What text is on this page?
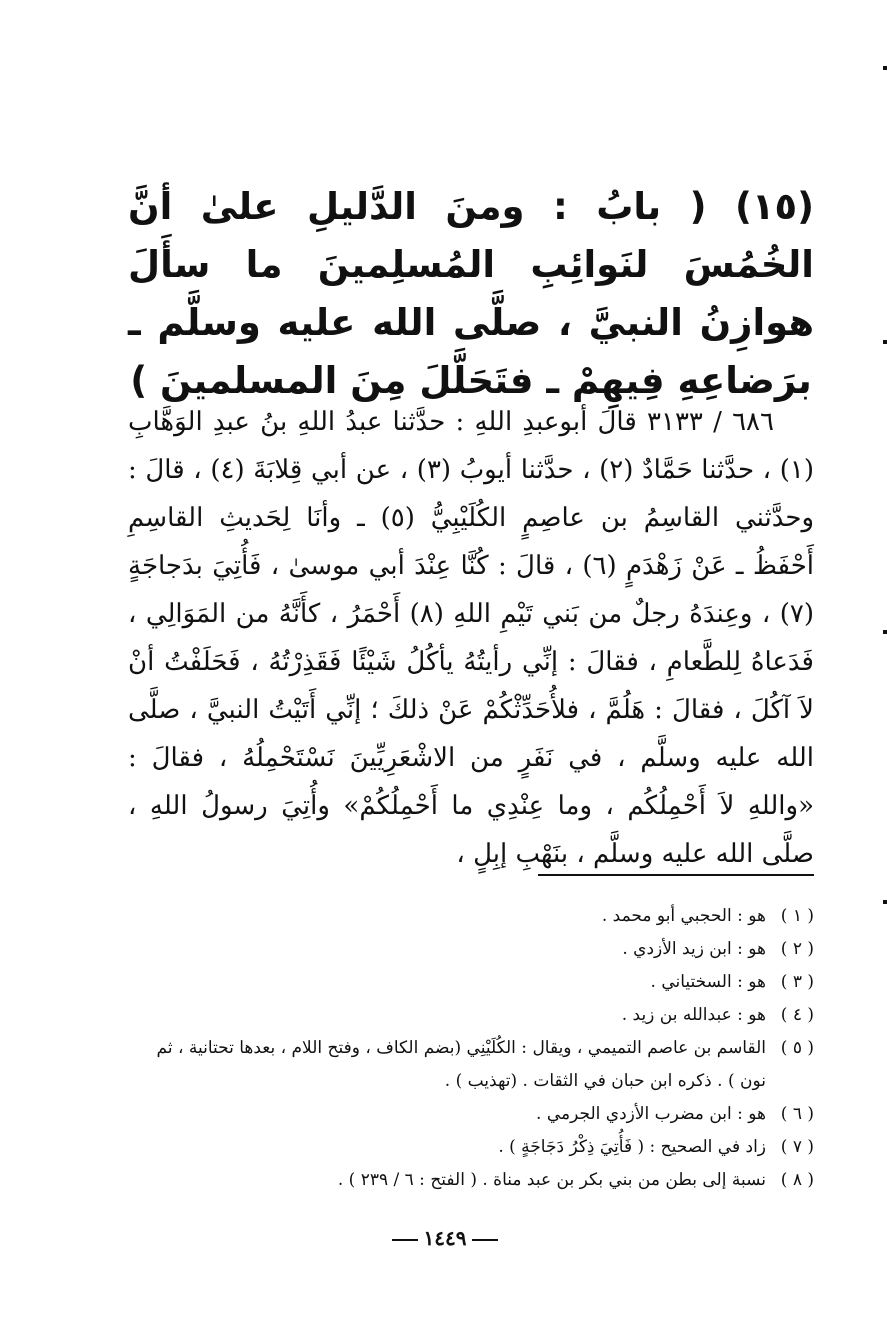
(١٥) ( بابُ : ومنَ الدَّليلِ علىٰ أنَّ الخُمُسَ لنَوائِبِ المُسلِمينَ ما سأَلَ هوازِنُ النبيَّ ، صلَّى الله عليه وسلَّم ـ برَضاعِهِ فِيهِمْ ـ فتَحَلَّلَ مِنَ المسلمينَ )

٦٨٦ / ٣١٣٣ قالَ أبوعبدِ اللهِ : حدَّثنا عبدُ اللهِ بنُ عبدِ الوَهَّابِ (١) ، حدَّثنا حَمَّادٌ (٢) ، حدَّثنا أيوبُ (٣) ، عن أبي قِلابَةَ (٤) ، قالَ : وحدَّثني القاسِمُ بن عاصِمٍ الكُلَيْبِيُّ (٥) ـ وأنَا لِحَديثِ القاسِمِ أَحْفَظُ ـ عَنْ زَهْدَمٍ (٦) ، قالَ : كُنَّا عِنْدَ أبي موسىٰ ، فَأُتِيَ بدَجاجَةٍ (٧) ، وعِندَهُ رجلٌ من بَني تَيْمِ اللهِ (٨) أَحْمَرُ ، كأَنَّهُ من المَوَالِي ، فَدَعاهُ لِلطَّعامِ ، فقالَ : إنِّي رأيتُهُ يأكُلُ شَيْئًا فَقَذِرْتُهُ ، فَحَلَفْتُ أنْ لاَ آكُلَ ، فقالَ : هَلُمَّ ، فلأُحَدِّثْكُمْ عَنْ ذلكَ ؛ إنِّي أَتَيْتُ النبيَّ ، صلَّى الله عليه وسلَّم ، في نَفَرٍ من الاشْعَرِيِّينَ نَسْتَحْمِلُهُ ، فقالَ : «واللهِ لاَ أَحْمِلُكُم ، وما عِنْدِي ما أَحْمِلُكُمْ» وأُتِيَ رسولُ اللهِ ، صلَّى الله عليه وسلَّم ، بنَهْبِ إبِلٍ ،

( ١ )
هو : الحجبي أبو محمد .
( ٢ )
هو : ابن زيد الأزدي .
( ٣ )
هو : السختياني .
( ٤ )
هو : عبدالله بن زيد .
( ٥ )
القاسم بن عاصم التميمي ، ويقال : الكُلَيْنِي (بضم الكاف ، وفتح اللام ، بعدها تحتانية ، ثم نون ) . ذكره ابن حبان في الثقات . (تهذيب ) .
( ٦ )
هو : ابن مضرب الأزدي الجرمي .
( ٧ )
زاد في الصحيح : ( فَأُتِيَ ذِكْرُ دَجَاجَةٍ ) .
( ٨ )
نسبة إلى بطن من بني بكر بن عبد مناة . ( الفتح : ٦ / ٢٣٩ ) .
١٤٤٩
